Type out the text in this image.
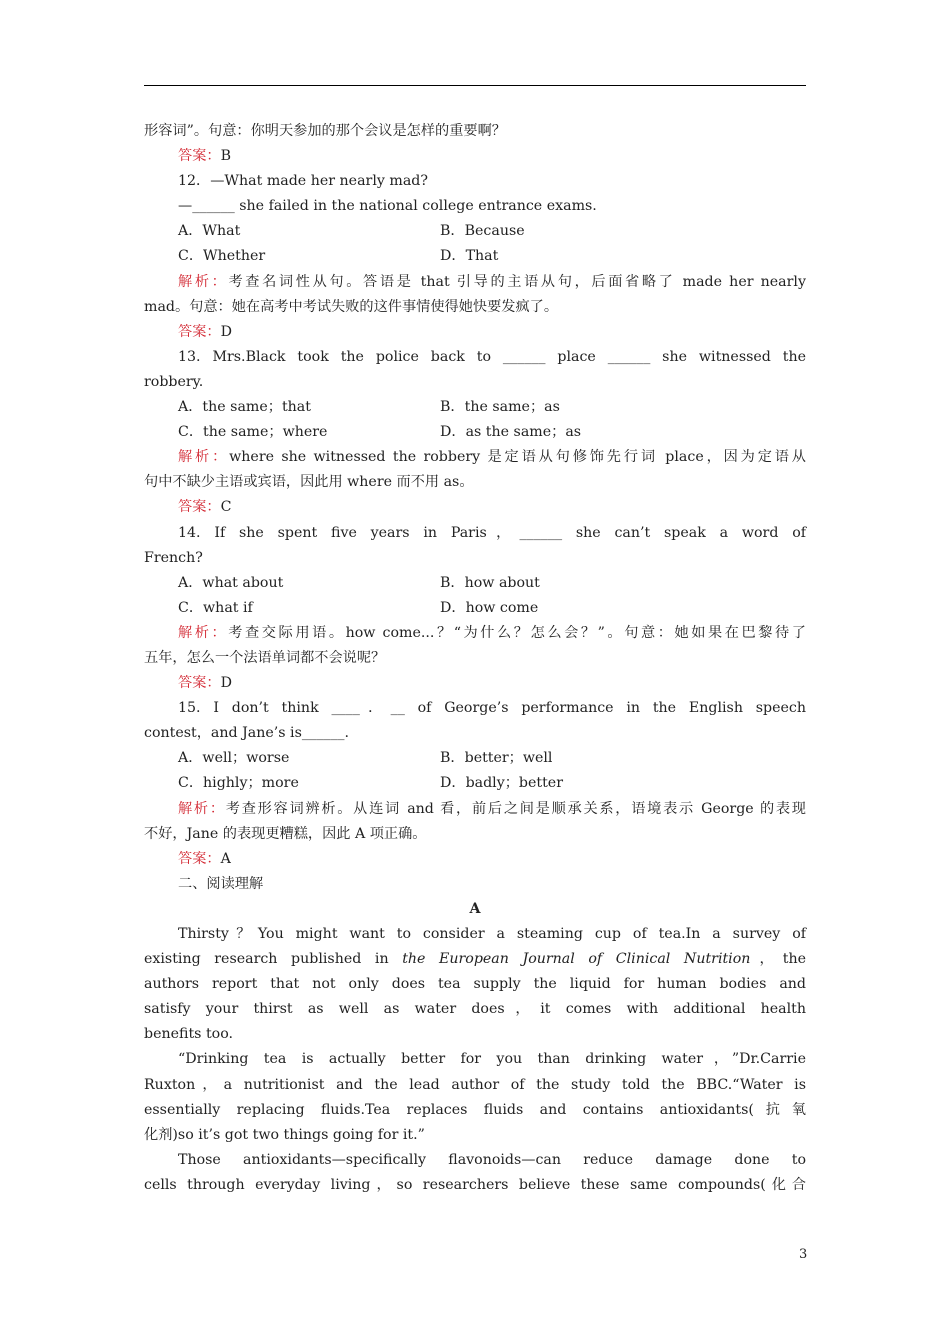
形容词”。句意：你明天参加的那个会议是怎样的重要啊？
答案：B
12．—What made her nearly mad?
—______ she failed in the national college entrance exams.
A．What	B．Because
C．Whether	D．That
解析：考查名词性从句。答语是 that 引导的主语从句，后面省略了 made her nearly
mad。句意：她在高考中考试失败的这件事情使得她快要发疯了。
答案：D
13. Mrs.Black took the police back to ______ place ______ she witnessed the
robbery.
A．the same；that	B．the same；as
C．the same；where	D．as the same；as
解析：where she witnessed the robbery 是定语从句修饰先行词 place，因为定语从
句中不缺少主语或宾语，因此用 where 而不用 as。
答案：C
14. If she spent five years in Paris，______ she can’t speak a word of
French?
A．what about	B．how about
C．what if	D．how come
解析：考查交际用语。how come...？“为什么？怎么会？”。句意：她如果在巴黎待了
五年，怎么一个法语单词都不会说呢？
答案：D
15. I don’t think ____．__ of George’s performance in the English speech
contest，and Jane’s is______.
A．well；worse	B．better；well
C．highly；more	D．badly；better
解析：考查形容词辨析。从连词 and 看，前后之间是顺承关系，语境表示 George 的表现
不好，Jane 的表现更糟糕，因此 A 项正确。
答案：A
二、阅读理解
A
Thirsty？You might want to consider a steaming cup of tea.In a survey of
existing research published in the European Journal of Clinical Nutrition，the
authors report that not only does tea supply the liquid for human bodies and
satisfy your thirst as well as water does，it comes with additional health
benefits too.
“Drinking tea is actually better for you than drinking water，”Dr.Carrie
Ruxton，a nutritionist and the lead author of the study told the BBC.“Water is
essentially replacing fluids.Tea replaces fluids and contains antioxidants(抗氧
化剂)so it’s got two things going for it.”
Those antioxidants—specifically flavonoids—can reduce damage done to
cells through everyday living，so researchers believe these same compounds(化合
3
